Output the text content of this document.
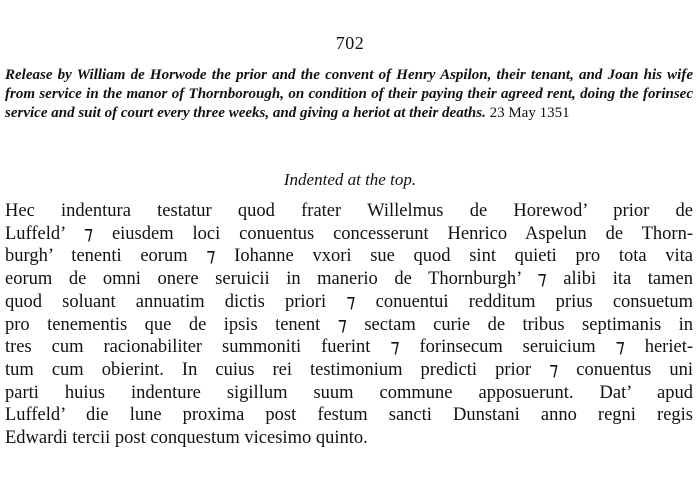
702
Release by William de Horwode the prior and the convent of Henry Aspilon, their tenant, and Joan his wife from service in the manor of Thornborough, on condition of their paying their agreed rent, doing the forinsec service and suit of court every three weeks, and giving a heriot at their deaths. 23 May 1351
Indented at the top.
Hec indentura testatur quod frater Willelmus de Horewod’ prior de
Luffeld’ ⁊ eiusdem loci conuentus concesserunt Henrico Aspelun de Thorn-
burgh’ tenenti eorum ⁊ Iohanne vxori sue quod sint quieti pro tota vita
eorum de omni onere seruicii in manerio de Thornburgh’ ⁊ alibi ita tamen
quod soluant annuatim dictis priori ⁊ conuentui redditum prius consuetum
pro tenementis que de ipsis tenent ⁊ sectam curie de tribus septimanis in
tres cum racionabiliter summoniti fuerint ⁊ forinsecum seruicium ⁊ heriet-
tum cum obierint. In cuius rei testimonium predicti prior ⁊ conuentus uni
parti huius indenture sigillum suum commune apposuerunt. Dat’ apud
Luffeld’ die lune proxima post festum sancti Dunstani anno regni regis
Edwardi tercii post conquestum vicesimo quinto.
